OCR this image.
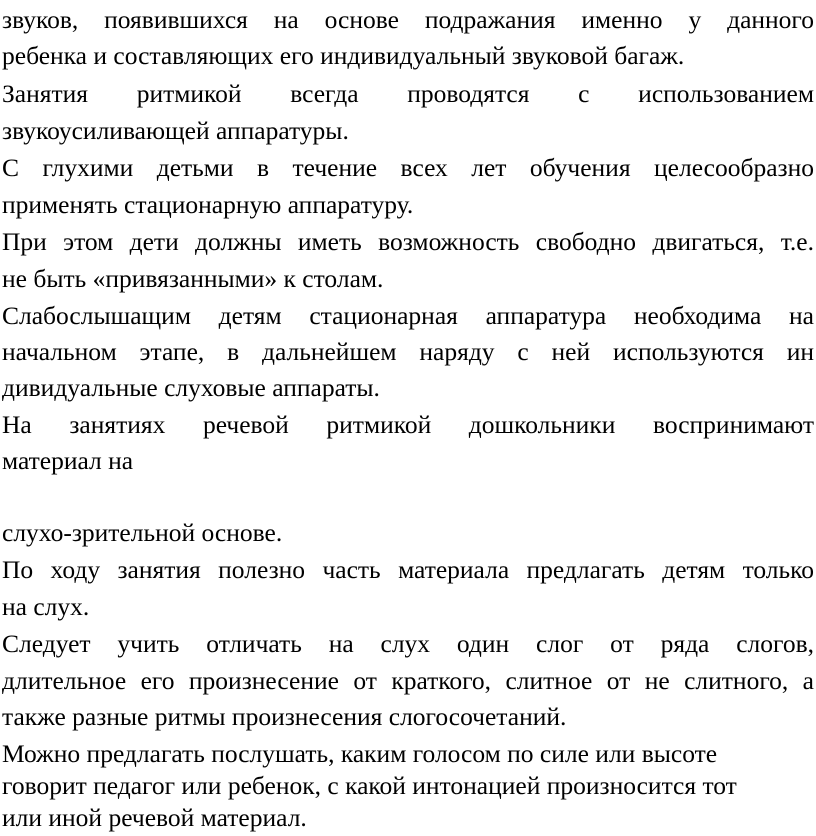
звуков, появившихся на основе подражания именно у данного
ребенка и составляющих его индивидуальный звуковой багаж.
Занятия ритмикой всегда проводятся с использованием
звукоусиливающей аппаратуры.
С глухими детьми в течение всех лет обучения целесообразно
применять стационарную аппаратуру.
При этом дети должны иметь возможность свободно двигаться, т.е.
не быть «привязанными» к столам.
Слабослышащим детям стационарная аппаратура необходима на
начальном этапе, в дальнейшем наряду с ней используются ин
дивидуальные слуховые аппараты.
На занятиях речевой ритмикой дошкольники воспринимают
материал на
слухо-зрительной основе.
По ходу занятия полезно часть материала предлагать детям только
на слух.
Следует учить отличать на слух один слог от ряда слогов,
длительное его произнесение от краткого, слитное от не слитного, а
также разные ритмы произнесения слогосочетаний.
Можно предлагать послушать, каким голосом по силе или высоте
говорит педагог или ребенок, с какой интонацией произносится тот
или иной речевой материал.
